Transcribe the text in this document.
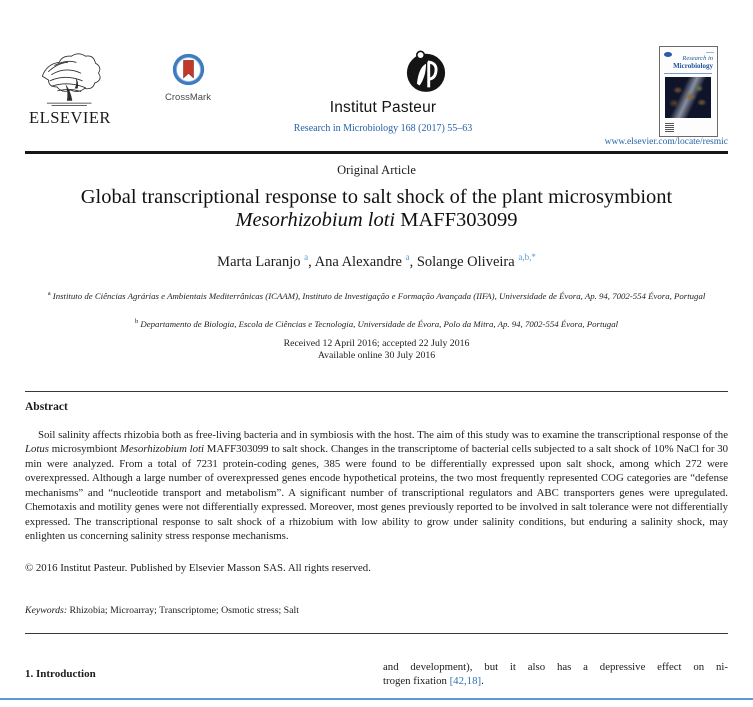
ELSEVIER
CrossMark
Institut Pasteur
Research in Microbiology 168 (2017) 55–63
Research in
Microbiology
www.elsevier.com/locate/resmic
Original Article
Global transcriptional response to salt shock of the plant microsymbiont
Mesorhizobium loti MAFF303099
Marta Laranjo $^a$, Ana Alexandre $^a$, Solange Oliveira $^{a,b,*}$
$^a$ Instituto de Ciências Agrárias e Ambientais Mediterrânicas (ICAAM), Instituto de Investigação e Formação Avançada (IIFA), Universidade de Évora, Ap. 94, 7002-554 Évora, Portugal
$^b$ Departamento de Biologia, Escola de Ciências e Tecnologia, Universidade de Évora, Polo da Mitra, Ap. 94, 7002-554 Évora, Portugal
Received 12 April 2016; accepted 22 July 2016
Available online 30 July 2016
Abstract
Soil salinity affects rhizobia both as free-living bacteria and in symbiosis with the host. The aim of this study was to examine the transcriptional response of the Lotus microsymbiont Mesorhizobium loti MAFF303099 to salt shock. Changes in the transcriptome of bacterial cells subjected to a salt shock of 10% NaCl for 30 min were analyzed. From a total of 7231 protein-coding genes, 385 were found to be differentially expressed upon salt shock, among which 272 were overexpressed. Although a large number of overexpressed genes encode hypothetical proteins, the two most frequently represented COG categories are “defense mechanisms” and “nucleotide transport and metabolism”. A significant number of transcriptional regulators and ABC transporters genes were upregulated. Chemotaxis and motility genes were not differentially expressed. Moreover, most genes previously reported to be involved in salt tolerance were not differentially expressed. The transcriptional response to salt shock of a rhizobium with low ability to grow under salinity conditions, but enduring a salinity shock, may enlighten us concerning salinity stress response mechanisms.
© 2016 Institut Pasteur. Published by Elsevier Masson SAS. All rights reserved.
Keywords: Rhizobia; Microarray; Transcriptome; Osmotic stress; Salt
1. Introduction
and development), but it also has a depressive effect on ni-
trogen fixation [42,18].
